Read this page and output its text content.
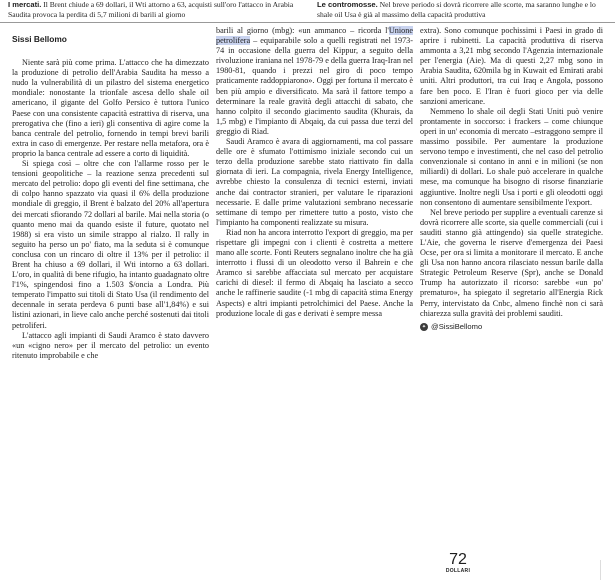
I mercati. Il Brent chiude a 69 dollari, il Wti attorno a 63, acquisti sull'oro l'attacco in Arabia Saudita provoca la perdita di 5,7 milioni di barili al giorno
Le contromosse. Nel breve periodo si dovrà ricorrere alle scorte, ma saranno lunghe e lo shale oil Usa è già al massimo della capacità produttiva

Sissi Bellomo

Niente sarà più come prima. L'attacco che ha dimezzato la produzione di petrolio dell'Arabia Saudita ha messo a nudo la vulnerabilità di un pilastro del sistema energetico mondiale: nonostante la trionfale ascesa dello shale oil americano, il gigante del Golfo Persico è tuttora l'unico Paese con una consistente capacità estrattiva di riserva, una prerogativa che (fino a ieri) gli consentiva di agire come la banca centrale del petrolio, fornendo in tempi brevi barili extra in caso di emergenze. Per restare nella metafora, ora è proprio la banca centrale ad essere a corto di liquidità.

Si spiega così – oltre che con l'allarme rosso per le tensioni geopolitiche – la reazione senza precedenti sul mercato del petrolio: dopo gli eventi del fine settimana, che di colpo hanno spazzato via quasi il 6% della produzione mondiale di greggio, il Brent è balzato del 20% all'apertura dei mercati sfiorando 72 dollari al barile. Mai nella storia (o quanto meno mai da quando esiste il future, quotato nel 1988) si era visto un simile strappo al rialzo. Il rally in seguito ha perso un po' fiato, ma la seduta si è comunque conclusa con un rincaro di oltre il 13% per il petrolio: il Brent ha chiuso a 69 dollari, il Wti intorno a 63 dollari. L'oro, in qualità di bene rifugio, ha intanto guadagnato oltre l'1%, spingendosi fino a 1.503 $/oncia a Londra. Più temperato l'impatto sui titoli di Stato Usa (il rendimento del decennale in serata perdeva 6 punti base all'1,84%) e sui listini azionari, in lieve calo anche perché sostenuti dai titoli petroliferi.

L'attacco agli impianti di Saudi Aramco è stato davvero «un «cigno nero» per il mercato del petrolio: un evento ritenuto improbabile e che

barili al giorno (mbg): «un ammanco – ricorda l'Unione petrolifera – equiparabile solo a quelli registrati nel 1973-74 in occasione della guerra del Kippur, a seguito della rivoluzione iraniana nel 1978-79 e della guerra Iraq-Iran nel 1980-81, quando i prezzi nel giro di poco tempo praticamente raddoppiarono». Oggi per fortuna il mercato è ben più ampio e diversificato. Ma sarà il fattore tempo a determinare la reale gravità degli attacchi di sabato, che hanno colpito il secondo giacimento saudita (Khurais, da 1,5 mbg) e l'impianto di Abqaiq, da cui passa due terzi del greggio di Riad.

Saudi Aramco è avara di aggiornamenti, ma col passare delle ore è sfumato l'ottimismo iniziale secondo cui un terzo della produzione sarebbe stato riattivato fin dalla giornata di ieri. La compagnia, rivela Energy Intelligence, avrebbe chiesto la consulenza di tecnici esterni, inviati anche dai contractor stranieri, per valutare le riparazioni necessarie. E dalle prime valutazioni sembrano necessarie settimane di tempo per rimettere tutto a posto, visto che l'impianto ha componenti realizzate su misura.

Riad non ha ancora interrotto l'export di greggio, ma per rispettare gli impegni con i clienti è costretta a mettere mano alle scorte. Fonti Reuters segnalano inoltre che ha già interrotto i flussi di un oleodotto verso il Bahrein e che Aramco si sarebbe affacciata sul mercato per acquistare carichi di diesel: il fermo di Abqaiq ha lasciato a secco anche le raffinerie saudite (-1 mbg di capacità stima Energy Aspects) e altri impianti petrolchimici del Paese. Anche la produzione locale di gas e derivati è sempre messa

extra). Sono comunque pochissimi i Paesi in grado di aprire i rubinetti. La capacità produttiva di riserva ammonta a 3,21 mbg secondo l'Agenzia internazionale per l'energia (Aie). Ma di questi 2,27 mbg sono in Arabia Saudita, 620mila bg in Kuwait ed Emirati arabi uniti. Altri produttori, tra cui Iraq e Angola, possono fare ben poco. E l'Iran è fuori gioco per via delle sanzioni americane.

Nemmeno lo shale oil degli Stati Uniti può venire prontamente in soccorso: i frackers – come chiunque operi in un' economia di mercato –estraggono sempre il massimo possibile. Per aumentare la produzione servono tempo e investimenti, che nel caso del petrolio convenzionale si contano in anni e in milioni (se non miliardi) di dollari. Lo shale può accelerare in qualche mese, ma comunque ha bisogno di risorse finanziarie aggiuntive. Inoltre negli Usa i porti e gli oleodotti oggi non consentono di aumentare sensibilmente l'export.

Nel breve periodo per supplire a eventuali carenze si dovrà ricorrere alle scorte, sia quelle commerciali (cui i sauditi stanno già attingendo) sia quelle strategiche. L'Aie, che governa le riserve d'emergenza dei Paesi Ocse, per ora si limita a monitorare il mercato. E anche gli Usa non hanno ancora rilasciato nessun barile dalla Strategic Petroleum Reserve (Spr), anche se Donald Trump ha autorizzato il ricorso: sarebbe «un po' prematuro», ha spiegato il segretario all'Energia Rick Perry, intervistato da Cnbc, almeno finchè non ci sarà chiarezza sulla gravità dei problemi sauditi.

✦ @SissiBellomo

72
DOLLARI
